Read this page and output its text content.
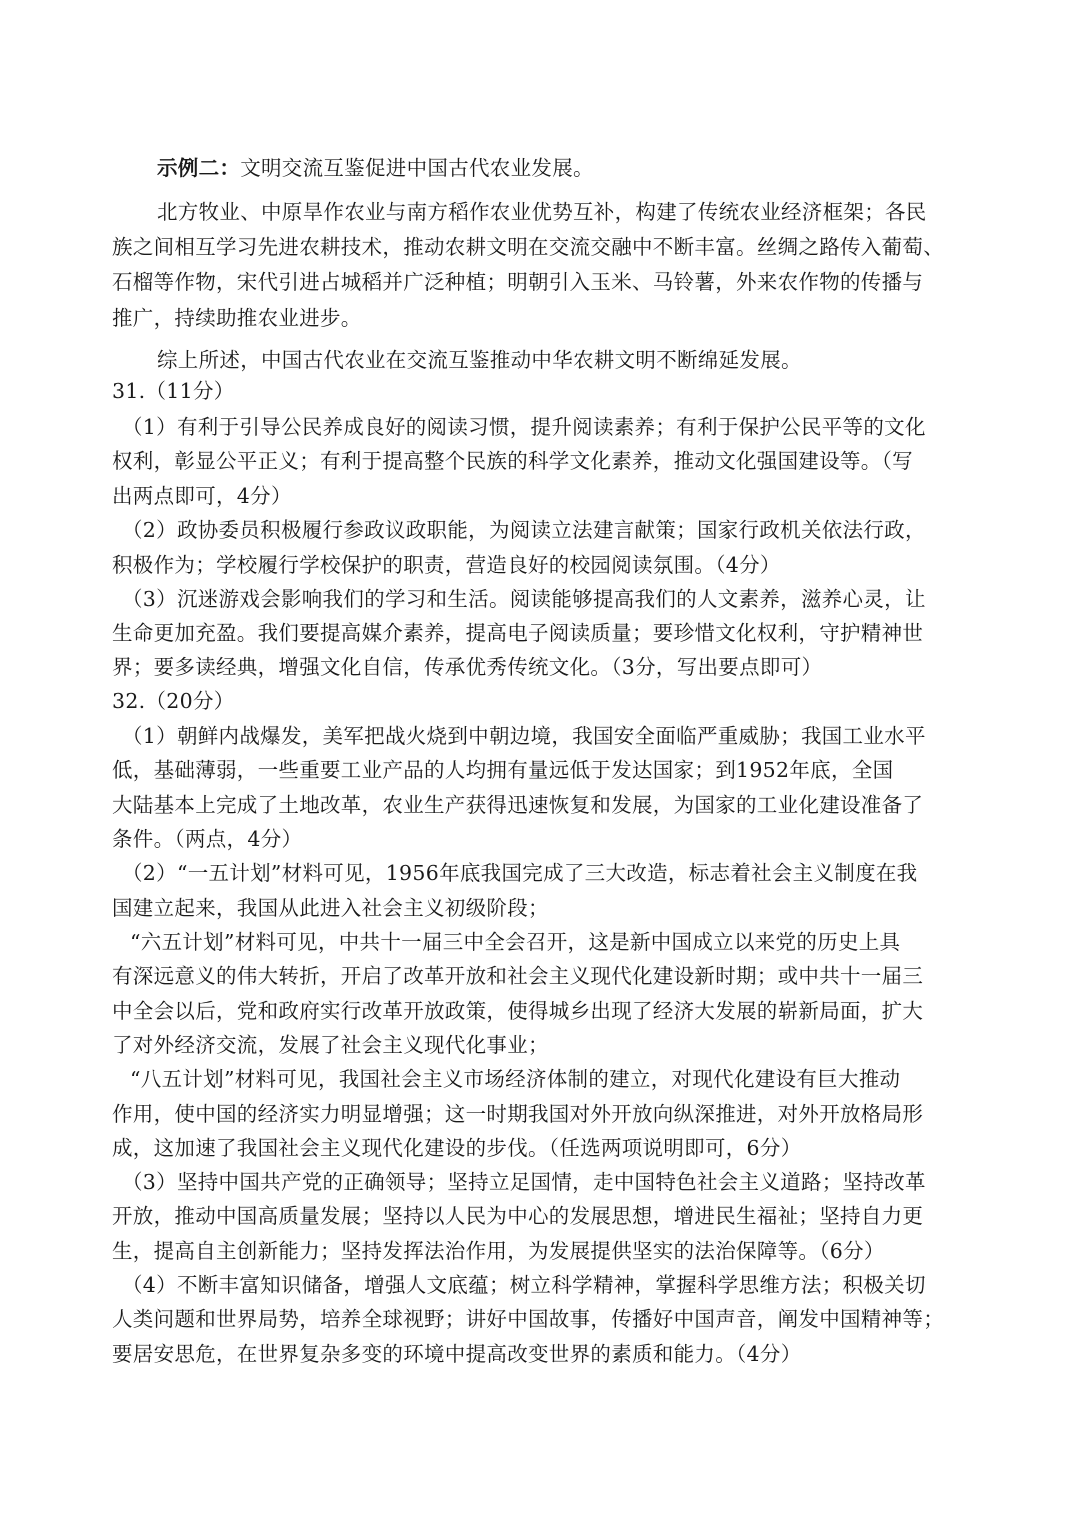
示例二：文明交流互鉴促进中国古代农业发展。
北方牧业、中原旱作农业与南方稻作农业优势互补，构建了传统农业经济框架；各民
族之间相互学习先进农耕技术，推动农耕文明在交流交融中不断丰富。丝绸之路传入葡萄、
石榴等作物，宋代引进占城稻并广泛种植；明朝引入玉米、马铃薯，外来农作物的传播与
推广，持续助推农业进步。
综上所述，中国古代农业在交流互鉴推动中华农耕文明不断绵延发展。
31.（11分）
（1）有利于引导公民养成良好的阅读习惯，提升阅读素养；有利于保护公民平等的文化
权利，彰显公平正义；有利于提高整个民族的科学文化素养，推动文化强国建设等。（写
出两点即可，4分）
（2）政协委员积极履行参政议政职能，为阅读立法建言献策；国家行政机关依法行政，
积极作为；学校履行学校保护的职责，营造良好的校园阅读氛围。（4分）
（3）沉迷游戏会影响我们的学习和生活。阅读能够提高我们的人文素养，滋养心灵，让
生命更加充盈。我们要提高媒介素养，提高电子阅读质量；要珍惜文化权利，守护精神世
界；要多读经典，增强文化自信，传承优秀传统文化。（3分，写出要点即可）
32.（20分）
（1）朝鲜内战爆发，美军把战火烧到中朝边境，我国安全面临严重威胁；我国工业水平
低，基础薄弱，一些重要工业产品的人均拥有量远低于发达国家；到1952年底，全国
大陆基本上完成了土地改革，农业生产获得迅速恢复和发展，为国家的工业化建设准备了
条件。（两点，4分）
（2）“一五计划”材料可见，1956年底我国完成了三大改造，标志着社会主义制度在我
国建立起来，我国从此进入社会主义初级阶段；
“六五计划”材料可见，中共十一届三中全会召开，这是新中国成立以来党的历史上具
有深远意义的伟大转折，开启了改革开放和社会主义现代化建设新时期；或中共十一届三
中全会以后，党和政府实行改革开放政策，使得城乡出现了经济大发展的崭新局面，扩大
了对外经济交流，发展了社会主义现代化事业；
“八五计划”材料可见，我国社会主义市场经济体制的建立，对现代化建设有巨大推动
作用，使中国的经济实力明显增强；这一时期我国对外开放向纵深推进，对外开放格局形
成，这加速了我国社会主义现代化建设的步伐。（任选两项说明即可，6分）
（3）坚持中国共产党的正确领导；坚持立足国情，走中国特色社会主义道路；坚持改革
开放，推动中国高质量发展；坚持以人民为中心的发展思想，增进民生福祉；坚持自力更
生，提高自主创新能力；坚持发挥法治作用，为发展提供坚实的法治保障等。（6分）
（4）不断丰富知识储备，增强人文底蕴；树立科学精神，掌握科学思维方法；积极关切
人类问题和世界局势，培养全球视野；讲好中国故事，传播好中国声音，阐发中国精神等；
要居安思危，在世界复杂多变的环境中提高改变世界的素质和能力。（4分）
